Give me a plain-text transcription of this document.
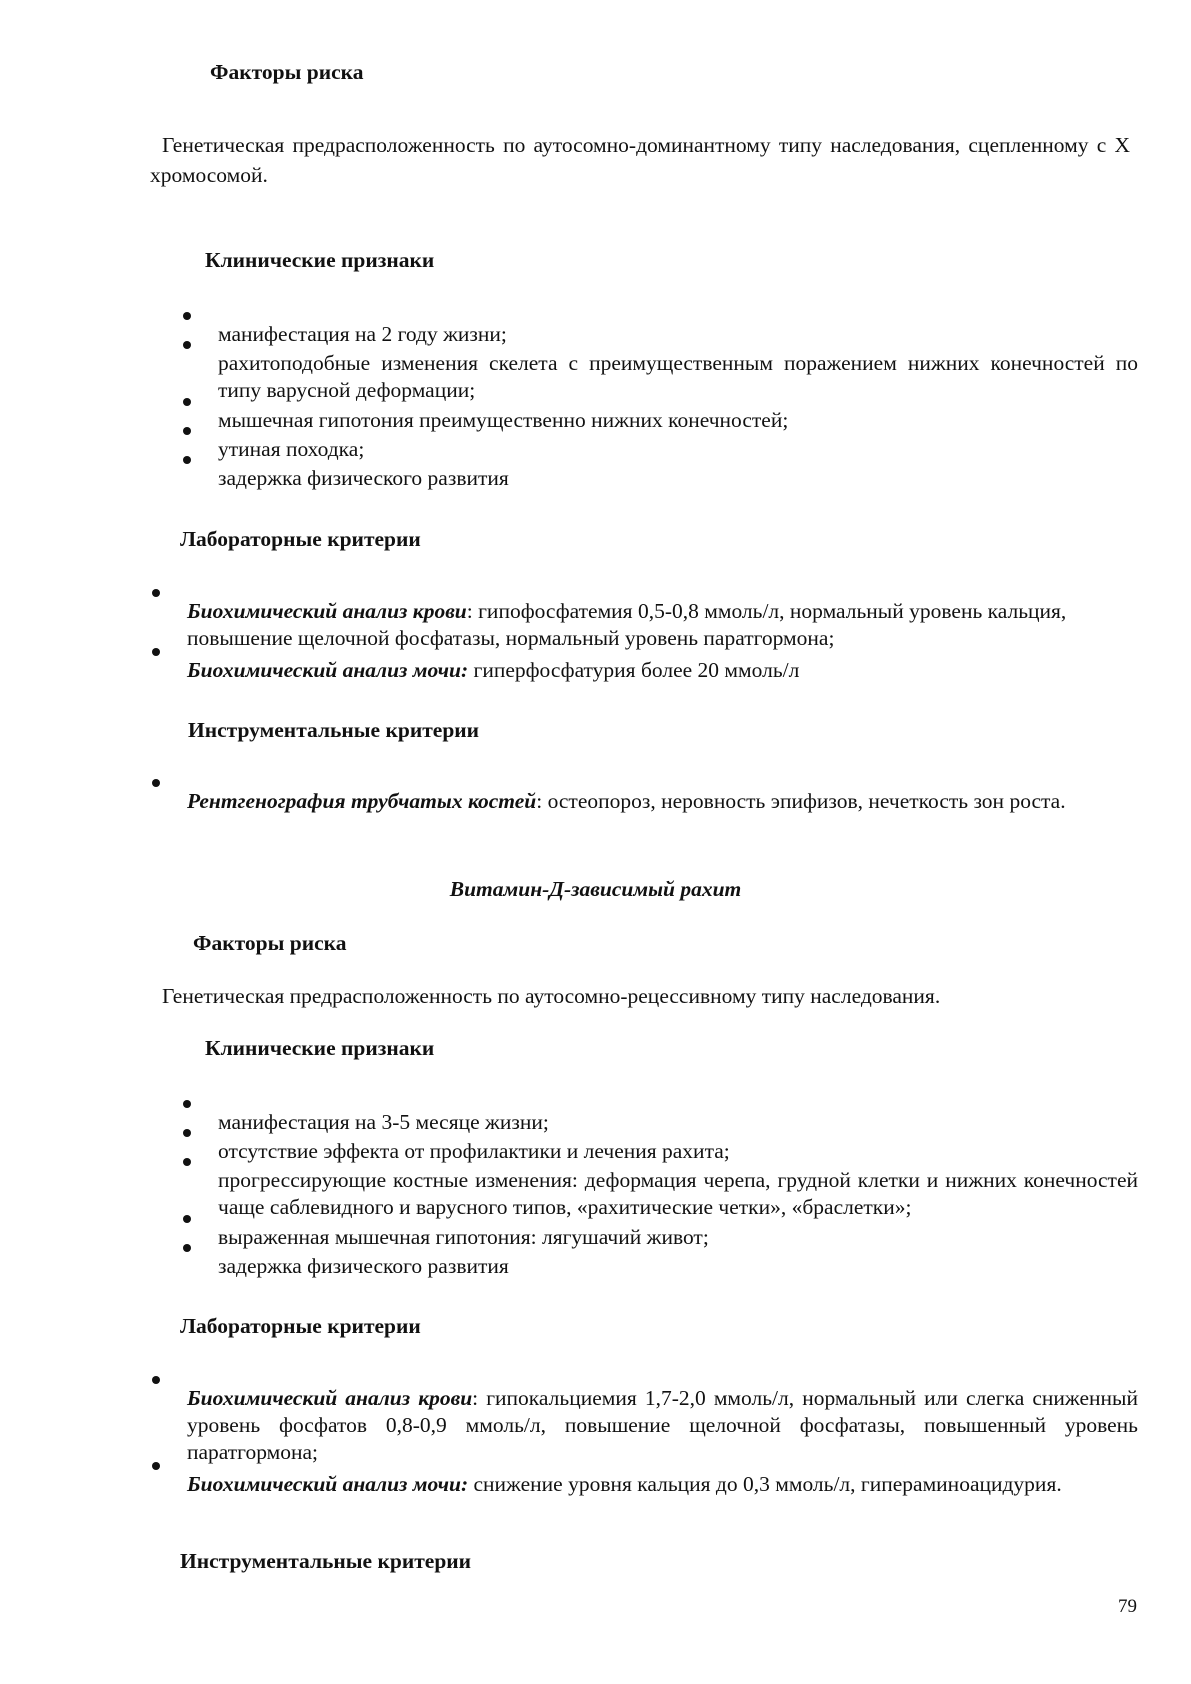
Факторы риска

Генетическая предрасположенность по аутосомно-доминантному типу наследования, сцепленному с Х хромосомой.

Клинические признаки

манифестация на 2 году жизни;

рахитоподобные изменения скелета с преимущественным поражением нижних конечностей по типу варусной деформации;

мышечная гипотония преимущественно нижних конечностей;

утиная походка;

задержка физического развития

Лабораторные критерии

Биохимический анализ крови: гипофосфатемия 0,5-0,8 ммоль/л, нормальный уровень кальция, повышение щелочной фосфатазы, нормальный уровень паратгормона;

Биохимический анализ мочи: гиперфосфатурия более 20 ммоль/л

Инструментальные критерии

Рентгенография трубчатых костей: остеопороз, неровность эпифизов, нечеткость зон роста.

Витамин-Д-зависимый рахит

Факторы риска

Генетическая предрасположенность по аутосомно-рецессивному типу наследования.

Клинические признаки

манифестация на 3-5 месяце жизни;

отсутствие эффекта от профилактики и лечения рахита;

прогрессирующие костные изменения: деформация черепа, грудной клетки и нижних конечностей чаще саблевидного и варусного типов, «рахитические четки», «браслетки»;

выраженная мышечная гипотония: лягушачий живот;

задержка физического развития

Лабораторные критерии

Биохимический анализ крови: гипокальциемия 1,7-2,0 ммоль/л, нормальный или слегка сниженный уровень фосфатов 0,8-0,9 ммоль/л, повышение щелочной фосфатазы, повышенный уровень паратгормона;

Биохимический анализ мочи: снижение уровня кальция до 0,3 ммоль/л, гипераминоацидурия.

Инструментальные критерии

79
